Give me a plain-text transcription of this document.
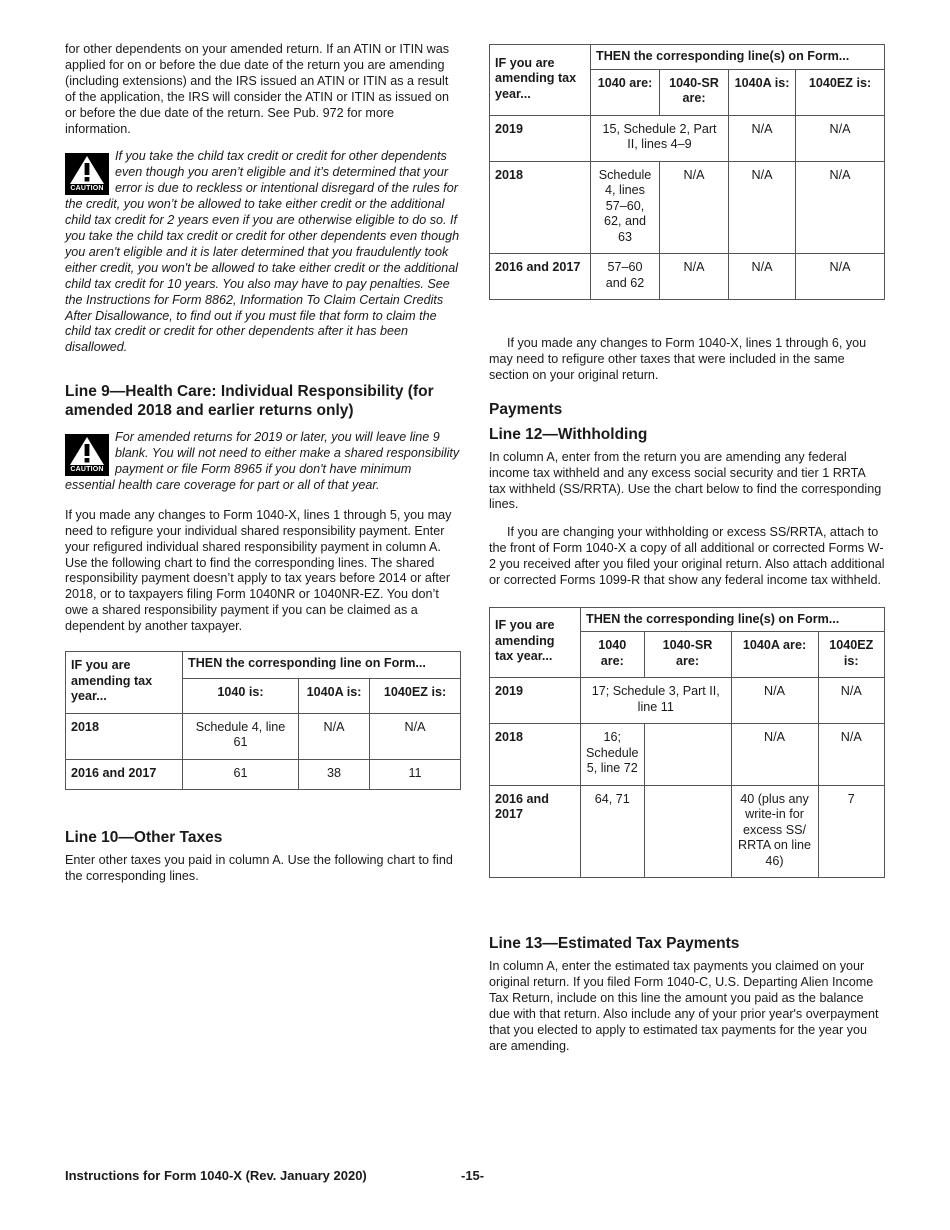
for other dependents on your amended return. If an ATIN or ITIN was applied for on or before the due date of the return you are amending (including extensions) and the IRS issued an ATIN or ITIN as a result of the application, the IRS will consider the ATIN or ITIN as issued on or before the due date of the return. See Pub. 972 for more information.

CAUTION
If you take the child tax credit or credit for other dependents even though you aren’t eligible and it’s determined that your error is due to reckless or intentional disregard of the rules for the credit, you won’t be allowed to take either credit or the additional child tax credit for 2 years even if you are otherwise eligible to do so. If you take the child tax credit or credit for other dependents even though you aren't eligible and it is later determined that you fraudulently took either credit, you won't be allowed to take either credit or the additional child tax credit for 10 years. You also may have to pay penalties. See the Instructions for Form 8862, Information To Claim Certain Credits After Disallowance, to find out if you must file that form to claim the child tax credit or credit for other dependents after it has been disallowed.
Line 9—Health Care: Individual Responsibility (for amended 2018 and earlier returns only)
CAUTION
For amended returns for 2019 or later, you will leave line 9 blank. You will not need to either make a shared responsibility payment or file Form 8965 if you don't have minimum essential health care coverage for part or all of that year.

If you made any changes to Form 1040-X, lines 1 through 5, you may need to refigure your individual shared responsibility payment. Enter your refigured individual shared responsibility payment in column A. Use the following chart to find the corresponding lines. The shared responsibility payment doesn’t apply to tax years before 2014 or after 2018, or to taxpayers filing Form 1040NR or 1040NR-EZ. You don’t owe a shared responsibility payment if you can be claimed as a dependent by another taxpayer.

IF you are amending tax year...	THEN the corresponding line on Form...		
	1040 is:	1040A is:	1040EZ is:
2018	Schedule 4, line 61	N/A	N/A
2016 and 2017	61	38	11
Line 10—Other Taxes

Enter other taxes you paid in column A. Use the following chart to find the corresponding lines.

IF you are amending tax year...	THEN the corresponding line(s) on Form...			
	1040 are:	1040-SR are:	1040A is:	1040EZ is:
2019	15, Schedule 2, Part II, lines 4–9		N/A	N/A
2018	Schedule 4, lines 57–60, 62, and 63	N/A	N/A	N/A
2016 and 2017	57–60 and 62	N/A	N/A	N/A

If you made any changes to Form 1040-X, lines 1 through 6, you may need to refigure other taxes that were included in the same section on your original return.

Payments
Line 12—Withholding

In column A, enter from the return you are amending any federal income tax withheld and any excess social security and tier 1 RRTA tax withheld (SS/RRTA). Use the chart below to find the corresponding lines.

If you are changing your withholding or excess SS/RRTA, attach to the front of Form 1040-X a copy of all additional or corrected Forms W-2 you received after you filed your original return. Also attach additional or corrected Forms 1099-R that show any federal income tax withheld.

IF you are amending tax year...	THEN the corresponding line(s) on Form...			
	1040 are:	1040-SR are:	1040A are:	1040EZ is:
2019	17; Schedule 3, Part II, line 11		N/A	N/A
2018	16; Schedule 5, line 72		N/A	N/A
2016 and 2017	64, 71		40 (plus any write-in for excess SS/ RRTA on line 46)	7
Line 13—Estimated Tax Payments

In column A, enter the estimated tax payments you claimed on your original return. If you filed Form 1040-C, U.S. Departing Alien Income Tax Return, include on this line the amount you paid as the balance due with that return. Also include any of your prior year's overpayment that you elected to apply to estimated tax payments for the year you are amending.

Instructions for Form 1040-X (Rev. January 2020)	-15-
